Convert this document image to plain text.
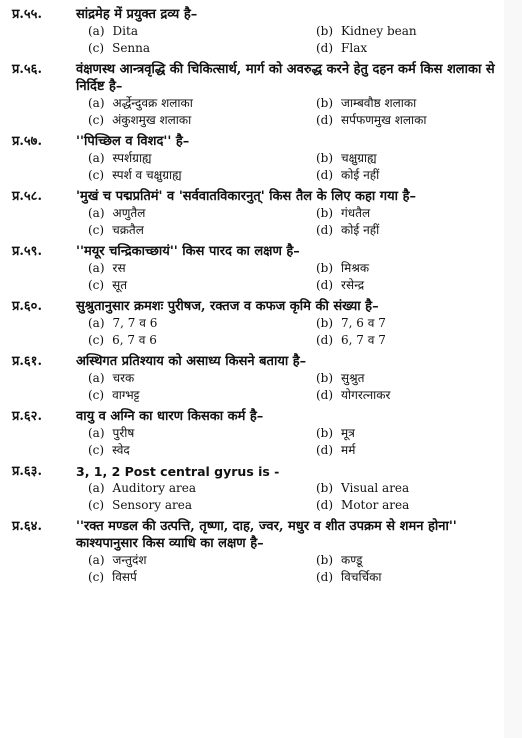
प्र.५५.	सांद्रमेह में प्रयुक्त द्रव्य है–
(a) Dita	(b) Kidney bean
(c) Senna	(d) Flax
प्र.५६.	वंक्षणस्थ आन्त्रवृद्धि की चिकित्सार्थ, मार्ग को अवरुद्ध करने हेतु दहन कर्म किस शलाका से निर्दिष्ट है–
(a) अर्द्धेन्दुवक्र शलाका	(b) जाम्बवौष्ठ शलाका
(c) अंकुशमुख शलाका	(d) सर्पफणमुख शलाका
प्र.५७.	''पिच्छिल व विशद'' है–
(a) स्पर्शग्राह्य	(b) चक्षुग्राह्य
(c) स्पर्श व चक्षुग्राह्य	(d) कोई नहीं
प्र.५८.	'मुखं च पद्मप्रतिमं' व 'सर्ववातविकारनुत्' किस तैल के लिए कहा गया है–
(a) अणुतैल	(b) गंधतैल
(c) चक्रतैल	(d) कोई नहीं
प्र.५९.	''मयूर चन्द्रिकाच्छायं'' किस पारद का लक्षण है–
(a) रस	(b) मिश्रक
(c) सूत	(d) रसेन्द्र
प्र.६०.	सुश्रुतानुसार क्रमशः पुरीषज, रक्तज व कफज कृमि की संख्या है–
(a) 7, 7 व 6	(b) 7, 6 व 7
(c) 6, 7 व 6	(d) 6, 7 व 7
प्र.६१.	अस्थिगत प्रतिश्याय को असाध्य किसने बताया है–
(a) चरक	(b) सुश्रुत
(c) वाग्भट्ट	(d) योगरत्नाकर
प्र.६२.	वायु व अग्नि का धारण किसका कर्म है–
(a) पुरीष	(b) मूत्र
(c) स्वेद	(d) मर्म
प्र.६३.	3, 1, 2 Post central gyrus is -
(a) Auditory area	(b) Visual area
(c) Sensory area	(d) Motor area
प्र.६४.	''रक्त मण्डल की उत्पत्ति, तृष्णा, दाह, ज्वर, मधुर व शीत उपक्रम से शमन होना'' काश्यपानुसार किस व्याधि का लक्षण है–
(a) जन्तुदंश	(b) कण्डू
(c) विसर्प	(d) विचर्चिका
